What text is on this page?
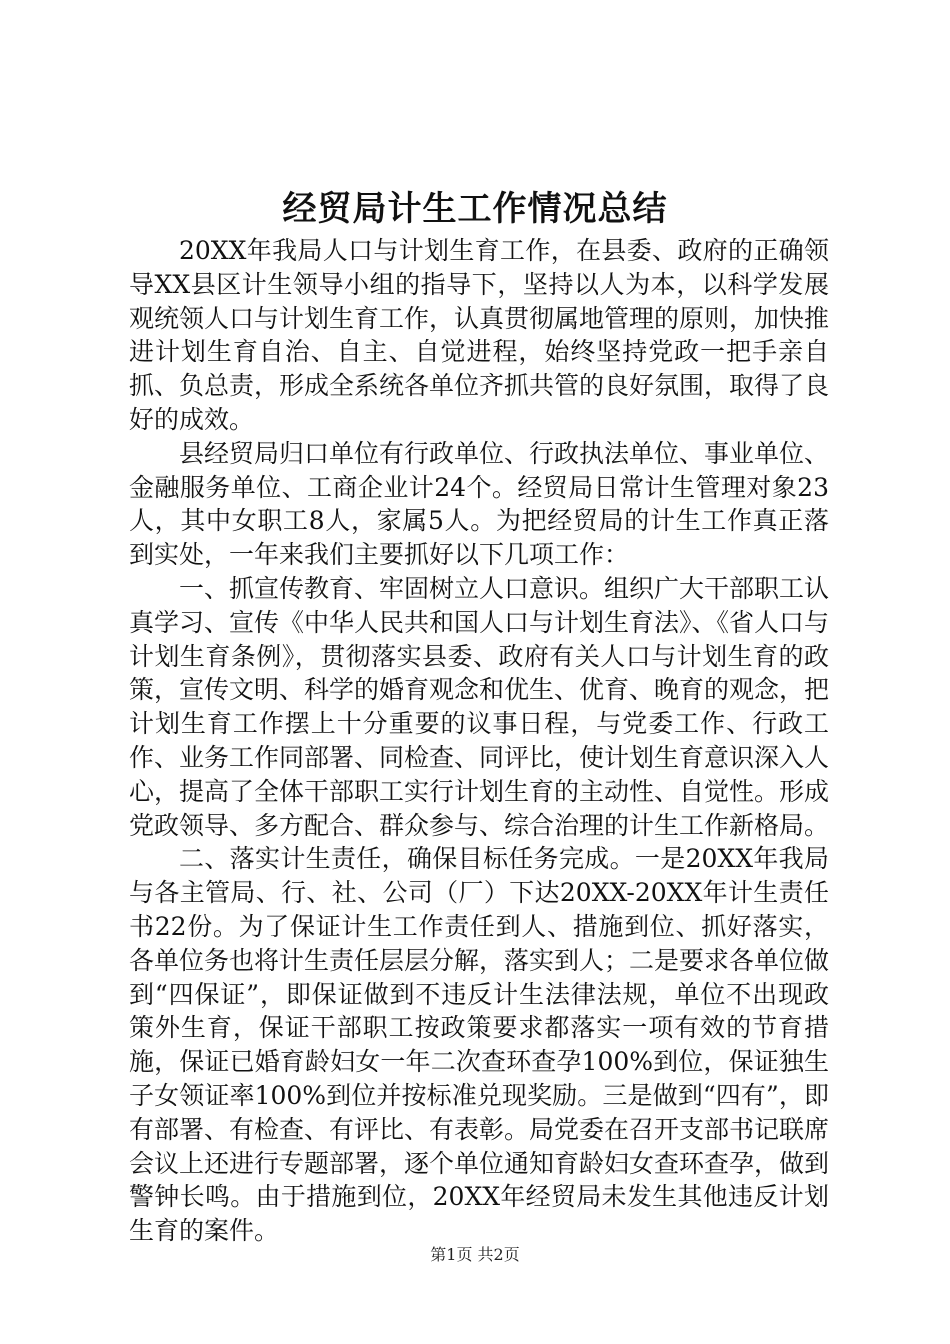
经贸局计生工作情况总结

20XX年我局人口与计划生育工作，在县委、政府的正确领导XX县区计生领导小组的指导下，坚持以人为本，以科学发展观统领人口与计划生育工作，认真贯彻属地管理的原则，加快推进计划生育自治、自主、自觉进程，始终坚持党政一把手亲自抓、负总责，形成全系统各单位齐抓共管的良好氛围，取得了良好的成效。

县经贸局归口单位有行政单位、行政执法单位、事业单位、金融服务单位、工商企业计24个。经贸局日常计生管理对象23人，其中女职工8人，家属5人。为把经贸局的计生工作真正落到实处，一年来我们主要抓好以下几项工作：

一、抓宣传教育、牢固树立人口意识。组织广大干部职工认真学习、宣传《中华人民共和国人口与计划生育法》、《省人口与计划生育条例》，贯彻落实县委、政府有关人口与计划生育的政策，宣传文明、科学的婚育观念和优生、优育、晚育的观念，把计划生育工作摆上十分重要的议事日程，与党委工作、行政工作、业务工作同部署、同检查、同评比，使计划生育意识深入人心，提高了全体干部职工实行计划生育的主动性、自觉性。形成党政领导、多方配合、群众参与、综合治理的计生工作新格局。

二、落实计生责任，确保目标任务完成。一是20XX年我局与各主管局、行、社、公司（厂）下达20XX-20XX年计生责任书22份。为了保证计生工作责任到人、措施到位、抓好落实，各单位务也将计生责任层层分解，落实到人；二是要求各单位做到“四保证”，即保证做到不违反计生法律法规，单位不出现政策外生育，保证干部职工按政策要求都落实一项有效的节育措施，保证已婚育龄妇女一年二次查环查孕100%到位，保证独生子女领证率100%到位并按标准兑现奖励。三是做到“四有”，即有部署、有检查、有评比、有表彰。局党委在召开支部书记联席会议上还进行专题部署，逐个单位通知育龄妇女查环查孕，做到警钟长鸣。由于措施到位，20XX年经贸局未发生其他违反计划生育的案件。

第1页 共2页
